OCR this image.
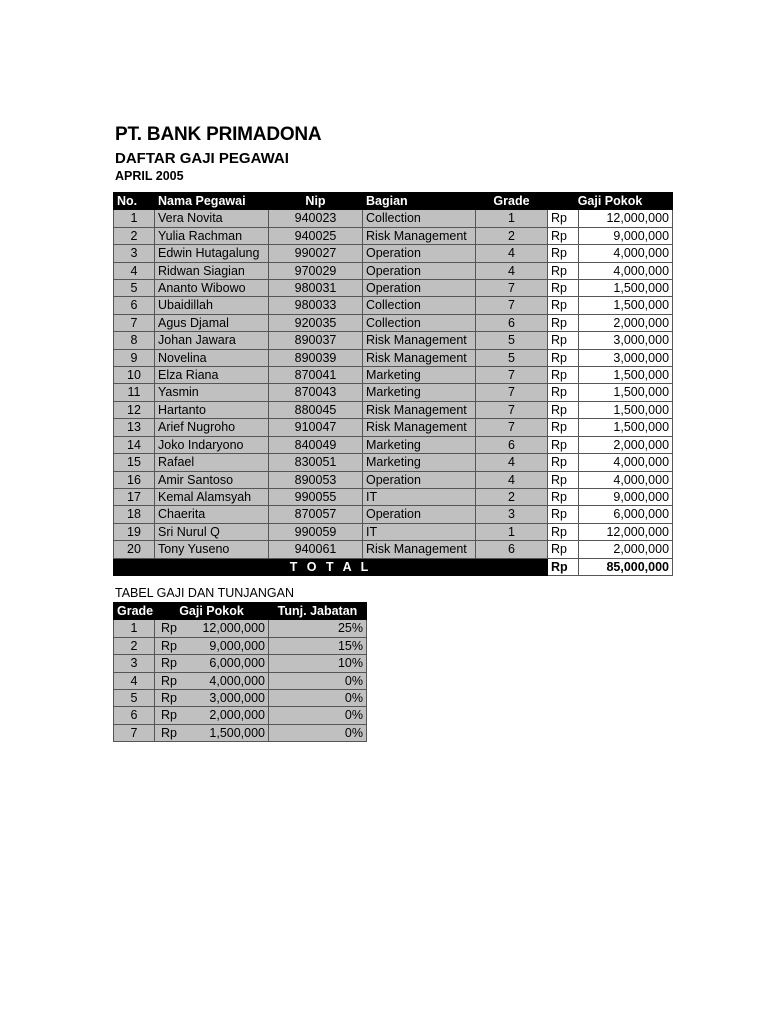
PT. BANK PRIMADONA
DAFTAR GAJI PEGAWAI
APRIL 2005
No.	Nama Pegawai	Nip	Bagian	Grade	Gaji Pokok	
1	Vera Novita	940023	Collection	1	Rp	12,000,000
2	Yulia Rachman	940025	Risk Management	2	Rp	9,000,000
3	Edwin Hutagalung	990027	Operation	4	Rp	4,000,000
4	Ridwan Siagian	970029	Operation	4	Rp	4,000,000
5	Ananto Wibowo	980031	Operation	7	Rp	1,500,000
6	Ubaidillah	980033	Collection	7	Rp	1,500,000
7	Agus Djamal	920035	Collection	6	Rp	2,000,000
8	Johan Jawara	890037	Risk Management	5	Rp	3,000,000
9	Novelina	890039	Risk Management	5	Rp	3,000,000
10	Elza Riana	870041	Marketing	7	Rp	1,500,000
11	Yasmin	870043	Marketing	7	Rp	1,500,000
12	Hartanto	880045	Risk Management	7	Rp	1,500,000
13	Arief Nugroho	910047	Risk Management	7	Rp	1,500,000
14	Joko Indaryono	840049	Marketing	6	Rp	2,000,000
15	Rafael	830051	Marketing	4	Rp	4,000,000
16	Amir Santoso	890053	Operation	4	Rp	4,000,000
17	Kemal Alamsyah	990055	IT	2	Rp	9,000,000
18	Chaerita	870057	Operation	3	Rp	6,000,000
19	Sri Nurul Q	990059	IT	1	Rp	12,000,000
20	Tony Yuseno	940061	Risk Management	6	Rp	2,000,000
T O T A L					Rp	85,000,000
TABEL GAJI DAN TUNJANGAN
Grade	Gaji Pokok	Tunj. Jabatan
1	Rp 12,000,000	25%
2	Rp 9,000,000	15%
3	Rp 6,000,000	10%
4	Rp 4,000,000	0%
5	Rp 3,000,000	0%
6	Rp 2,000,000	0%
7	Rp 1,500,000	0%
